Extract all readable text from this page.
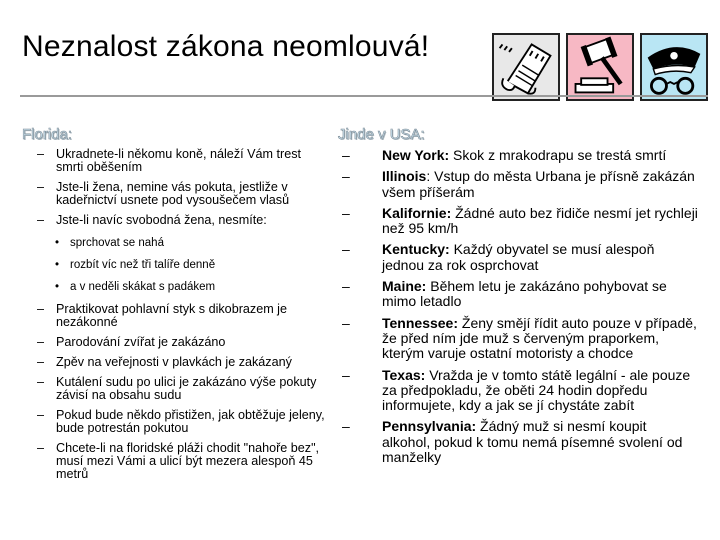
Neznalost zákona neomlouvá!
Florida:
– Ukradnete-li někomu koně, náleží Vám trest smrti oběšením
– Jste-li žena, nemine vás pokuta, jestliže v kadeřnictví usnete pod vysoušečem vlasů
– Jste-li navíc svobodná žena, nesmíte:
• sprchovat se nahá
• rozbít víc než tři talíře denně
• a v neděli skákat s padákem
– Praktikovat pohlavní styk s dikobrazem je nezákonné
– Parodování zvířat je zakázáno
– Zpěv na veřejnosti v plavkách je zakázaný
– Kutálení sudu po ulici je zakázáno výše pokuty závisí na obsahu sudu
– Pokud bude někdo přistižen, jak obtěžuje jeleny, bude potrestán pokutou
– Chcete-li na floridské pláži chodit "nahoře bez", musí mezi Vámi a ulicí být mezera alespoň 45 metrů
Jinde v USA:
– New York: Skok z mrakodrapu se trestá smrtí
– Illinois: Vstup do města Urbana je přísně zakázán všem příšerám
– Kalifornie: Žádné auto bez řidiče nesmí jet rychleji než 95 km/h
– Kentucky: Každý obyvatel se musí alespoň jednou za rok osprchovat
– Maine: Během letu je zakázáno pohybovat se mimo letadlo
– Tennessee: Ženy smějí řídit auto pouze v případě, že před ním jde muž s červeným praporkem, kterým varuje ostatní motoristy a chodce
– Texas: Vražda je v tomto státě legální - ale pouze za předpokladu, že oběti 24 hodin dopředu informujete, kdy a jak se jí chystáte zabít
– Pennsylvania: Žádný muž si nesmí koupit alkohol, pokud k tomu nemá písemné svolení od manželky
